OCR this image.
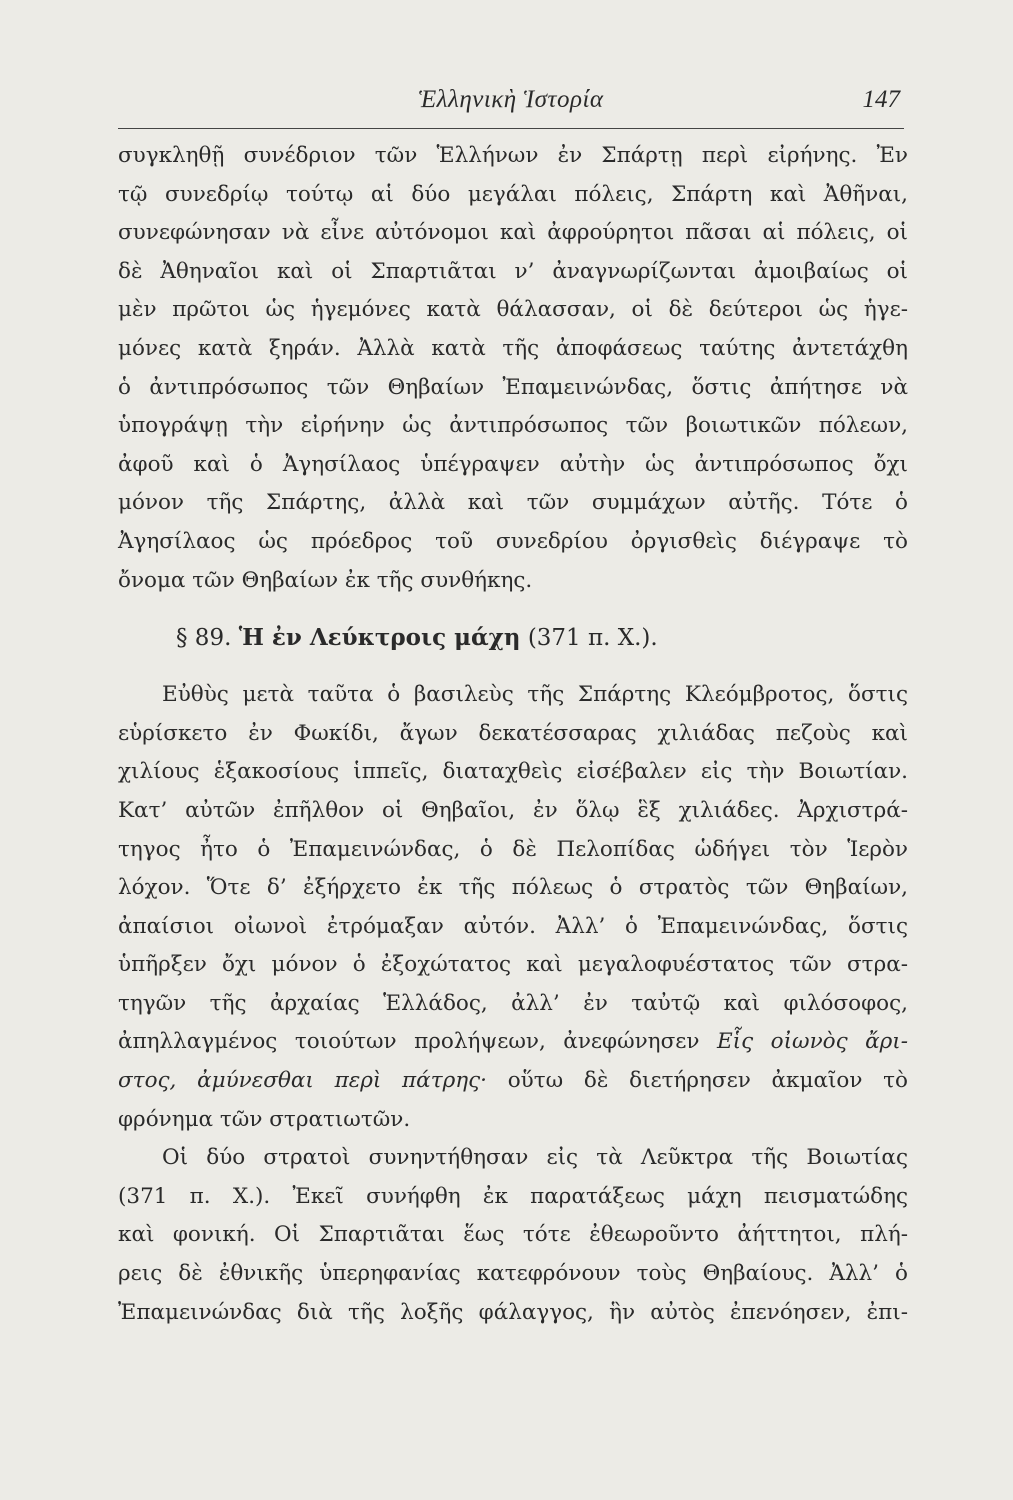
Ἑλληνικὴ Ἱστορία	147
συγκληθῇ συνέδριον τῶν Ἑλλήνων ἐν Σπάρτῃ περὶ εἰρήνης. Ἐν
τῷ συνεδρίῳ τούτῳ αἱ δύο μεγάλαι πόλεις, Σπάρτη καὶ Ἀθῆναι,
συνεφώνησαν νὰ εἶνε αὐτόνομοι καὶ ἀφρούρητοι πᾶσαι αἱ πόλεις, οἱ
δὲ Ἀθηναῖοι καὶ οἱ Σπαρτιᾶται ν’ ἀναγνωρίζωνται ἀμοιβαίως οἱ
μὲν πρῶτοι ὡς ἡγεμόνες κατὰ θάλασσαν, οἱ δὲ δεύτεροι ὡς ἡγε-
μόνες κατὰ ξηράν. Ἀλλὰ κατὰ τῆς ἀποφάσεως ταύτης ἀντετάχθη
ὁ ἀντιπρόσωπος τῶν Θηβαίων Ἐπαμεινώνδας, ὅστις ἀπήτησε νὰ
ὑπογράψῃ τὴν εἰρήνην ὡς ἀντιπρόσωπος τῶν βοιωτικῶν πόλεων,
ἀφοῦ καὶ ὁ Ἀγησίλαος ὑπέγραψεν αὐτὴν ὡς ἀντιπρόσωπος ὄχι
μόνον τῆς Σπάρτης, ἀλλὰ καὶ τῶν συμμάχων αὐτῆς. Τότε ὁ
Ἀγησίλαος ὡς πρόεδρος τοῦ συνεδρίου ὀργισθεὶς διέγραψε τὸ
ὄνομα τῶν Θηβαίων ἐκ τῆς συνθήκης.
§ 89. Ἡ ἐν Λεύκτροις μάχη (371 π. Χ.).
Εὐθὺς μετὰ ταῦτα ὁ βασιλεὺς τῆς Σπάρτης Κλεόμβροτος, ὅστις
εὑρίσκετο ἐν Φωκίδι, ἄγων δεκατέσσαρας χιλιάδας πεζοὺς καὶ
χιλίους ἑξακοσίους ἱππεῖς, διαταχθεὶς εἰσέβαλεν εἰς τὴν Βοιωτίαν.
Κατ’ αὐτῶν ἐπῆλθον οἱ Θηβαῖοι, ἐν ὅλῳ ἓξ χιλιάδες. Ἀρχιστρά-
τηγος ἦτο ὁ Ἐπαμεινώνδας, ὁ δὲ Πελοπίδας ὡδήγει τὸν Ἱερὸν
λόχον. Ὅτε δ’ ἐξήρχετο ἐκ τῆς πόλεως ὁ στρατὸς τῶν Θηβαίων,
ἀπαίσιοι οἰωνοὶ ἐτρόμαξαν αὐτόν. Ἀλλ’ ὁ Ἐπαμεινώνδας, ὅστις
ὑπῆρξεν ὄχι μόνον ὁ ἐξοχώτατος καὶ μεγαλοφυέστατος τῶν στρα-
τηγῶν τῆς ἀρχαίας Ἑλλάδος, ἀλλ’ ἐν ταὐτῷ καὶ φιλόσοφος,
ἀπηλλαγμένος τοιούτων προλήψεων, ἀνεφώνησεν Εἷς οἰωνὸς ἄρι-
στος, ἀμύνεσθαι περὶ πάτρης· οὕτω δὲ διετήρησεν ἀκμαῖον τὸ
φρόνημα τῶν στρατιωτῶν.
Οἱ δύο στρατοὶ συνηντήθησαν εἰς τὰ Λεῦκτρα τῆς Βοιωτίας
(371 π. Χ.). Ἐκεῖ συνήφθη ἐκ παρατάξεως μάχη πεισματώδης
καὶ φονική. Οἱ Σπαρτιᾶται ἕως τότε ἐθεωροῦντο ἀήττητοι, πλή-
ρεις δὲ ἐθνικῆς ὑπερηφανίας κατεφρόνουν τοὺς Θηβαίους. Ἀλλ’ ὁ
Ἐπαμεινώνδας διὰ τῆς λοξῆς φάλαγγος, ἣν αὐτὸς ἐπενόησεν, ἐπι-
